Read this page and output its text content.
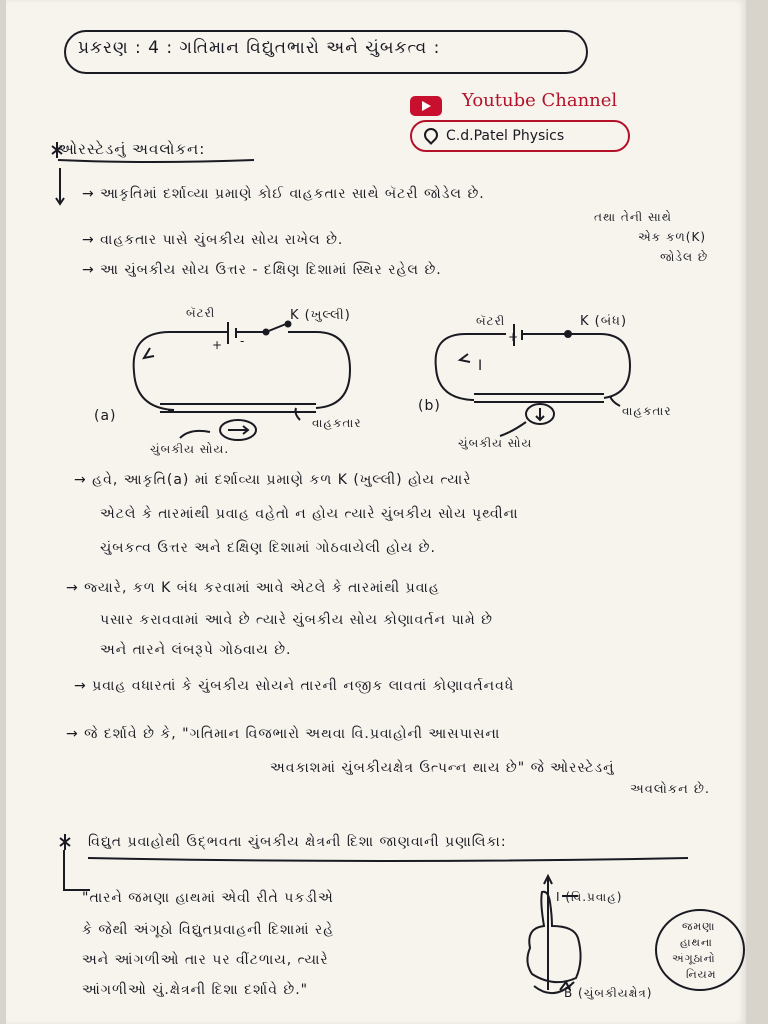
પ્રકરણ : 4 : ગતિમાન વિદ્યુતભારો અને ચુંબકત્વ :
Youtube Channel
C.d.Patel Physics
ઓરસ્ટેડનું અવલોકન:
→ આકૃતિમાં દર્શાવ્યા પ્રમાણે કોઈ વાહકતાર સાથે બૅટરી જોડેલ છે.
→ વાહકતાર પાસે ચુંબકીય સોય રાખેલ છે.
→ આ ચુંબકીય સોય ઉત્તર - દક્ષિણ દિશામાં સ્થિર રહેલ છે.
તથા તેની સાથે
એક કળ(K)
જોડેલ છે
બૅટરી	K (ખુલ્લી)
+ -
(a)	વાહકતાર
ચુંબકીય સોય.
બૅટરી	K (બંધ)
+ -
I
(b)	વાહકતાર
ચુંબકીય સોય
→ હવે, આકૃતિ(a) માં દર્શાવ્યા પ્રમાણે કળ K (ખુલ્લી) હોય ત્યારે
એટલે કે તારમાંથી પ્રવાહ વહેતો ન હોય ત્યારે ચુંબકીય સોય પૃથ્વીના
ચુંબકત્વ ઉત્તર અને દક્ષિણ દિશામાં ગોઠવાયેલી હોય છે.
→ જ્યારે, કળ K બંધ કરવામાં આવે એટલે કે તારમાંથી પ્રવાહ
પસાર કરાવવામાં આવે છે ત્યારે ચુંબકીય સોય કોણાવર્તન પામે છે
અને તારને લંબરૂપે ગોઠવાય છે.
→ પ્રવાહ વધારતાં કે ચુંબકીય સોયને તારની નજીક લાવતાં કોણાવર્તનવધે
→ જે દર્શાવે છે કે, "ગતિમાન વિજભારો અથવા વિ.પ્રવાહોની આસપાસના
અવકાશમાં ચુંબકીયક્ષેત્ર ઉત્પન્ન થાય છે" જે ઓરસ્ટેડનું
અવલોકન છે.
વિદ્યુત પ્રવાહોથી ઉદ્ભવતા ચુંબકીય ક્ષેત્રની દિશા જાણવાની પ્રણાલિકા:
"તારને જમણા હાથમાં એવી રીતે પકડીએ
કે જેથી અંગૂઠો વિદ્યુતપ્રવાહની દિશામાં રહે
અને આંગળીઓ તાર પર વીંટળાય, ત્યારે
આંગળીઓ ચું.ક્ષેત્રની દિશા દર્શાવે છે."
I (વિ.પ્રવાહ)
B⃗ (ચુંબકીયક્ષેત્ર)
જમણા
હાથના
અંગૂઠાનો
નિયમ
